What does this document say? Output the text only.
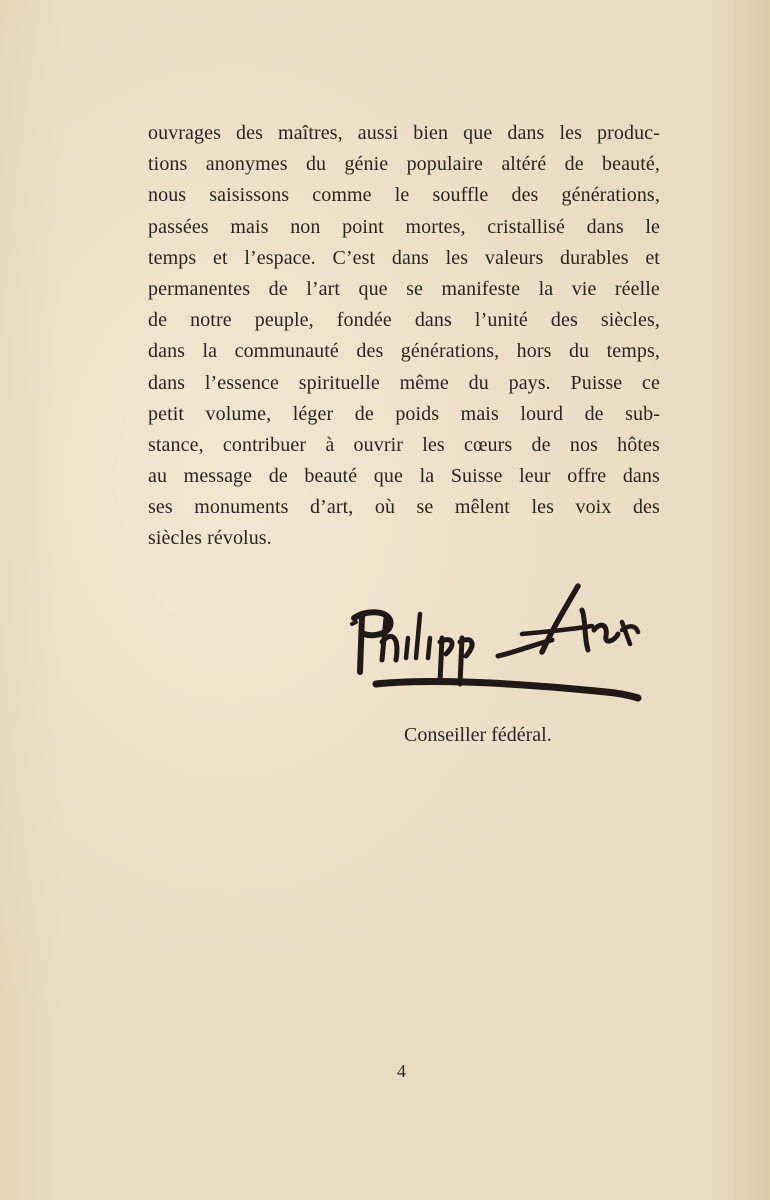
ouvrages des maîtres, aussi bien que dans les produc-
tions anonymes du génie populaire altéré de beauté,
nous saisissons comme le souffle des générations,
passées mais non point mortes, cristallisé dans le
temps et l’espace. C’est dans les valeurs durables et
permanentes de l’art que se manifeste la vie réelle
de notre peuple, fondée dans l’unité des siècles,
dans la communauté des générations, hors du temps,
dans l’essence spirituelle même du pays. Puisse ce
petit volume, léger de poids mais lourd de sub-
stance, contribuer à ouvrir les cœurs de nos hôtes
au message de beauté que la Suisse leur offre dans
ses monuments d’art, où se mêlent les voix des
siècles révolus.
Conseiller fédéral.
4
